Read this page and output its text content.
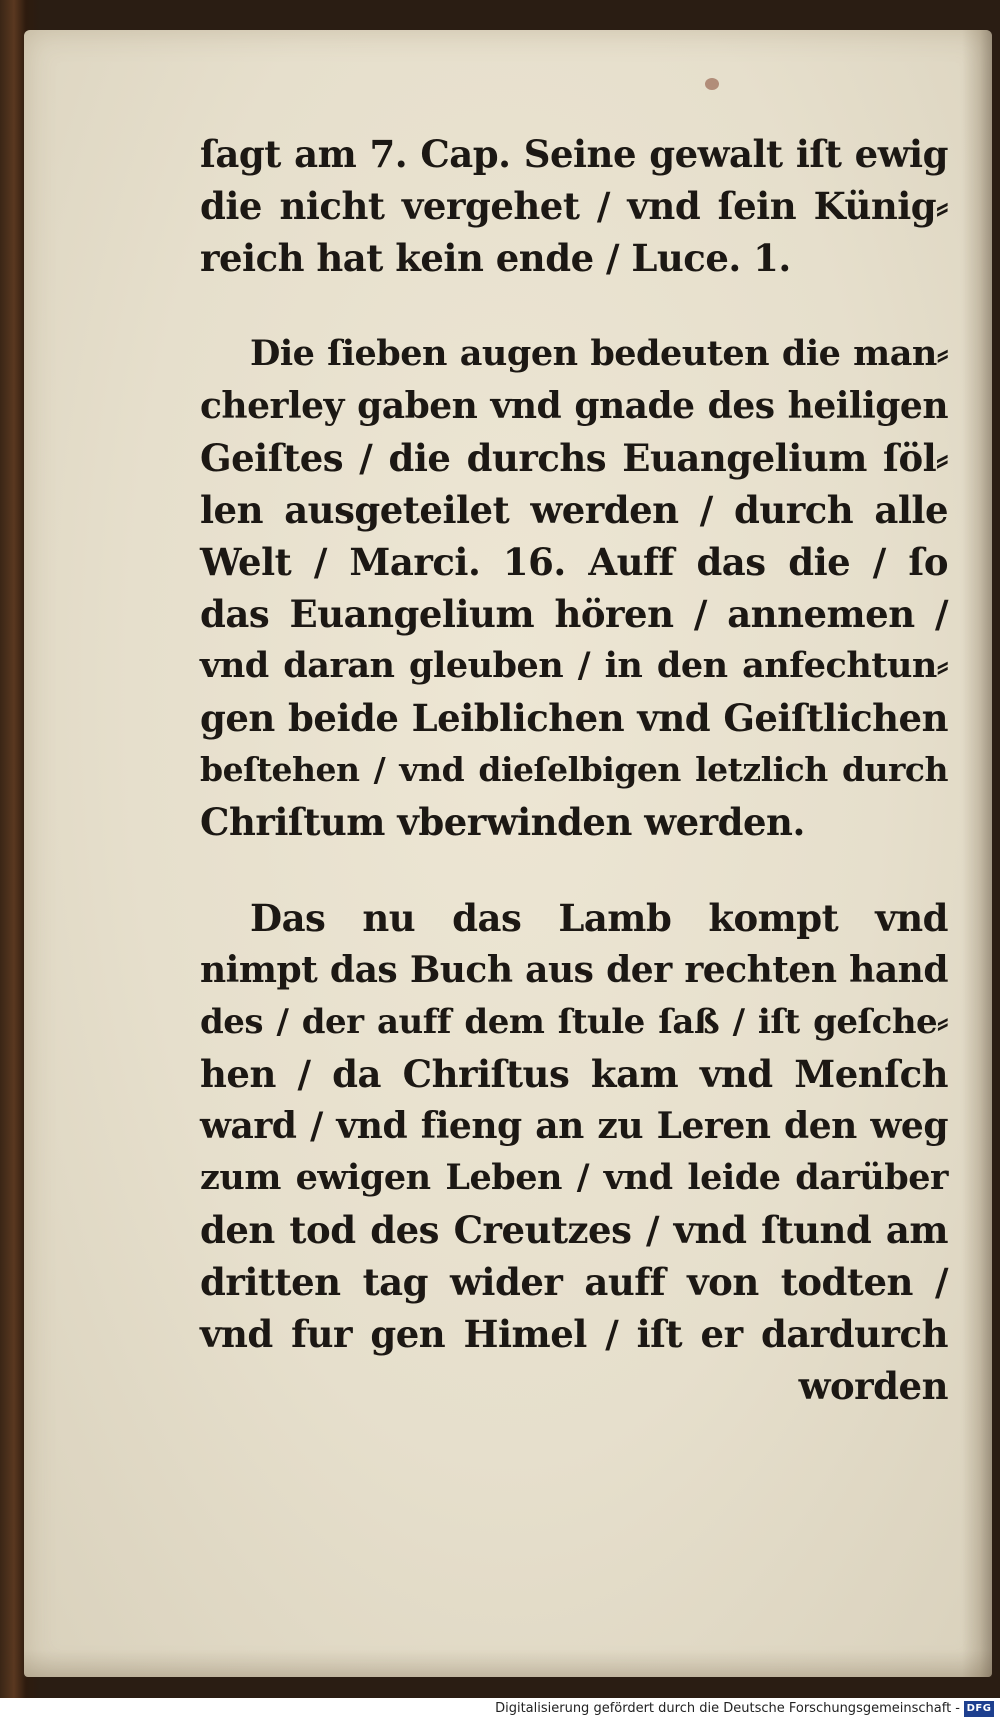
ſagt am 7. Cap. Seine gewalt iſt ewig
die nicht vergehet / vnd ſein Künig⸗
reich hat kein ende / Luce. 1.
Die ſieben augen bedeuten die man⸗
cherley gaben vnd gnade des heiligen
Geiſtes / die durchs Euangelium ſöl⸗
len ausgeteilet werden / durch alle
Welt / Marci. 16. Auff das die / ſo
das Euangelium hören / annemen /
vnd daran gleuben / in den anfechtun⸗
gen beide Leiblichen vnd Geiſtlichen
beſtehen / vnd dieſelbigen letzlich durch
Chriſtum vberwinden werden.
Das nu das Lamb kompt vnd
nimpt das Buch aus der rechten hand
des / der auff dem ſtule ſaß / iſt geſche⸗
hen / da Chriſtus kam vnd Menſch
ward / vnd fieng an zu Leren den weg
zum ewigen Leben / vnd leide darüber
den tod des Creutzes / vnd ſtund am
dritten tag wider auff von todten /
vnd fur gen Himel / iſt er dardurch
worden
Digitalisierung gefördert durch die Deutsche Forschungsgemeinschaft - DFG
